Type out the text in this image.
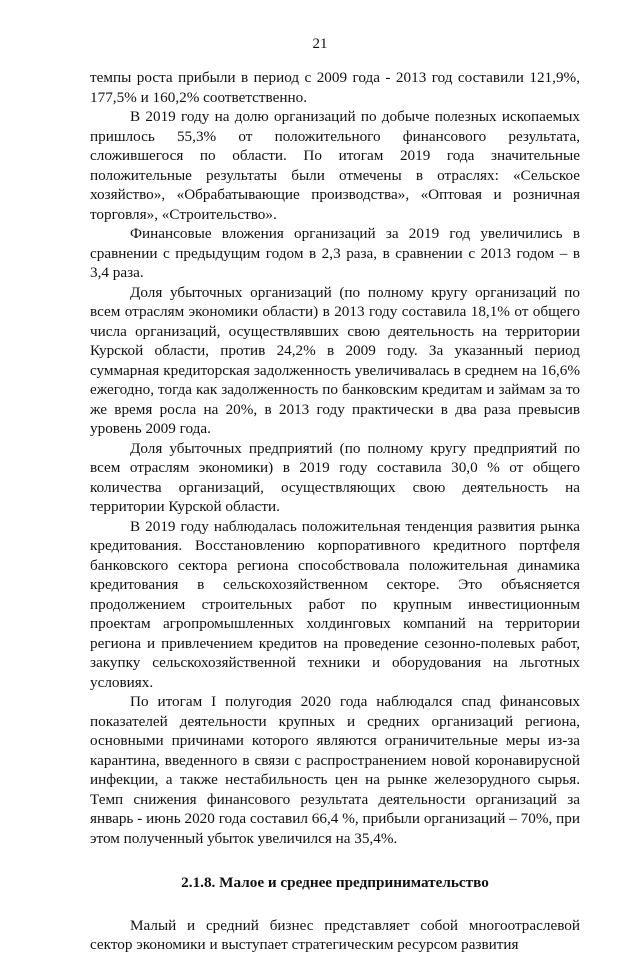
21

темпы роста прибыли в период с 2009 года - 2013 год составили 121,9%, 177,5% и 160,2% соответственно.

В 2019 году на долю организаций по добыче полезных ископаемых пришлось 55,3% от положительного финансового результата, сложившегося по области. По итогам 2019 года значительные положительные результаты были отмечены в отраслях: «Сельское хозяйство», «Обрабатывающие производства», «Оптовая и розничная торговля», «Строительство».

Финансовые вложения организаций за 2019 год увеличились в сравнении с предыдущим годом в 2,3 раза, в сравнении с 2013 годом – в 3,4 раза.

Доля убыточных организаций (по полному кругу организаций по всем отраслям экономики области) в 2013 году составила 18,1% от общего числа организаций, осуществлявших свою деятельность на территории Курской области, против 24,2% в 2009 году. За указанный период суммарная кредиторская задолженность увеличивалась в среднем на 16,6% ежегодно, тогда как задолженность по банковским кредитам и займам за то же время росла на 20%, в 2013 году практически в два раза превысив уровень 2009 года.

Доля убыточных предприятий (по полному кругу предприятий по всем отраслям экономики) в 2019 году составила 30,0 % от общего количества организаций, осуществляющих свою деятельность на территории Курской области.

В 2019 году наблюдалась положительная тенденция развития рынка кредитования. Восстановлению корпоративного кредитного портфеля банковского сектора региона способствовала положительная динамика кредитования в сельскохозяйственном секторе. Это объясняется продолжением строительных работ по крупным инвестиционным проектам агропромышленных холдинговых компаний на территории региона и привлечением кредитов на проведение сезонно-полевых работ, закупку сельскохозяйственной техники и оборудования на льготных условиях.

По итогам I полугодия 2020 года наблюдался спад финансовых показателей деятельности крупных и средних организаций региона, основными причинами которого являются ограничительные меры из-за карантина, введенного в связи с распространением новой коронавирусной инфекции, а также нестабильность цен на рынке железорудного сырья. Темп снижения финансового результата деятельности организаций за январь - июнь 2020 года составил 66,4 %, прибыли организаций – 70%, при этом полученный убыток увеличился на 35,4%.

2.1.8. Малое и среднее предпринимательство

Малый и средний бизнес представляет собой многоотраслевой сектор экономики и выступает стратегическим ресурсом развития
